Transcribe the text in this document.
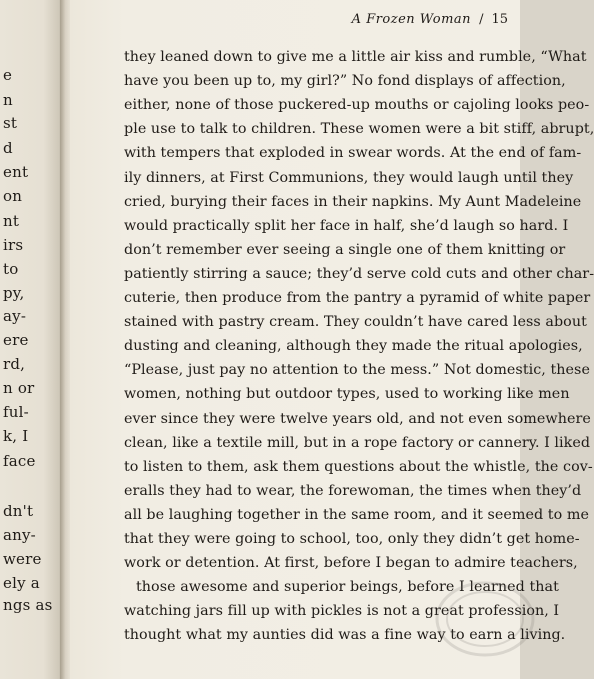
e
n
st
d
ent
on
nt
irs
to
py,
ay-
ere
rd,
n or
ful-
k, I
face
dn't
any-
were
ely a
ngs as
A Frozen Woman / 15
they leaned down to give me a little air kiss and rumble, “What
have you been up to, my girl?” No fond displays of affection,
either, none of those puckered-up mouths or cajoling looks peo-
ple use to talk to children. These women were a bit stiff, abrupt,
with tempers that exploded in swear words. At the end of fam-
ily dinners, at First Communions, they would laugh until they
cried, burying their faces in their napkins. My Aunt Madeleine
would practically split her face in half, she’d laugh so hard. I
don’t remember ever seeing a single one of them knitting or
patiently stirring a sauce; they’d serve cold cuts and other char-
cuterie, then produce from the pantry a pyramid of white paper
stained with pastry cream. They couldn’t have cared less about
dusting and cleaning, although they made the ritual apologies,
“Please, just pay no attention to the mess.” Not domestic, these
women, nothing but outdoor types, used to working like men
ever since they were twelve years old, and not even somewhere
clean, like a textile mill, but in a rope factory or cannery. I liked
to listen to them, ask them questions about the whistle, the cov-
eralls they had to wear, the forewoman, the times when they’d
all be laughing together in the same room, and it seemed to me
that they were going to school, too, only they didn’t get home-
work or detention. At first, before I began to admire teachers,
those awesome and superior beings, before I learned that
watching jars fill up with pickles is not a great profession, I
thought what my aunties did was a fine way to earn a living.
